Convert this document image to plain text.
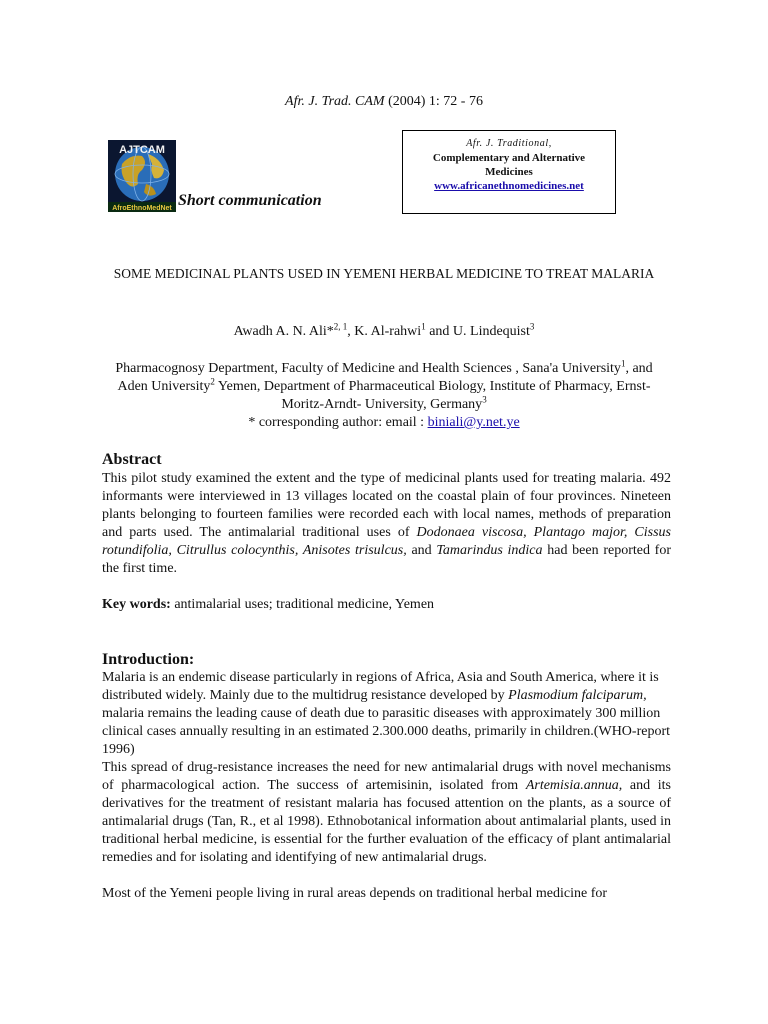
Afr. J. Trad. CAM (2004) 1: 72 - 76
AJTCAM
AfroEthnoMedNet Short communication
Afr. J. Traditional,
Complementary and Alternative Medicines
www.africanethnomedicines.net
SOME MEDICINAL PLANTS USED IN YEMENI HERBAL MEDICINE TO TREAT MALARIA
Awadh A. N. Ali*$^{2, 1}$, K. Al-rahwi$^1$ and U. Lindequist$^3$
Pharmacognosy Department, Faculty of Medicine and Health Sciences , Sana'a University$^1$, and Aden University$^2$ Yemen, Department of Pharmaceutical Biology, Institute of Pharmacy, Ernst-Moritz-Arndt- University, Germany$^3$
* corresponding author: email : biniali@y.net.ye
Abstract
This pilot study examined the extent and the type of medicinal plants used for treating malaria. 492 informants were interviewed in 13 villages located on the coastal plain of four provinces. Nineteen plants belonging to fourteen families were recorded each with local names, methods of preparation and parts used. The antimalarial traditional uses of Dodonaea viscosa, Plantago major, Cissus rotundifolia, Citrullus colocynthis, Anisotes trisulcus, and Tamarindus indica had been reported for the first time.
Key words: antimalarial uses; traditional medicine, Yemen
Introduction:
Malaria is an endemic disease particularly in regions of Africa, Asia and South America, where it is distributed widely. Mainly due to the multidrug resistance developed by Plasmodium falciparum, malaria remains the leading cause of death due to parasitic diseases with approximately 300 million clinical cases annually resulting in an estimated 2.300.000 deaths, primarily in children.(WHO-report 1996)
This spread of drug-resistance increases the need for new antimalarial drugs with novel mechanisms of pharmacological action. The success of artemisinin, isolated from Artemisia.annua, and its derivatives for the treatment of resistant malaria has focused attention on the plants, as a source of antimalarial drugs (Tan, R., et al 1998). Ethnobotanical information about antimalarial plants, used in traditional herbal medicine, is essential for the further evaluation of the efficacy of plant antimalarial remedies and for isolating and identifying of new antimalarial drugs.
Most of the Yemeni people living in rural areas depends on traditional herbal medicine for
